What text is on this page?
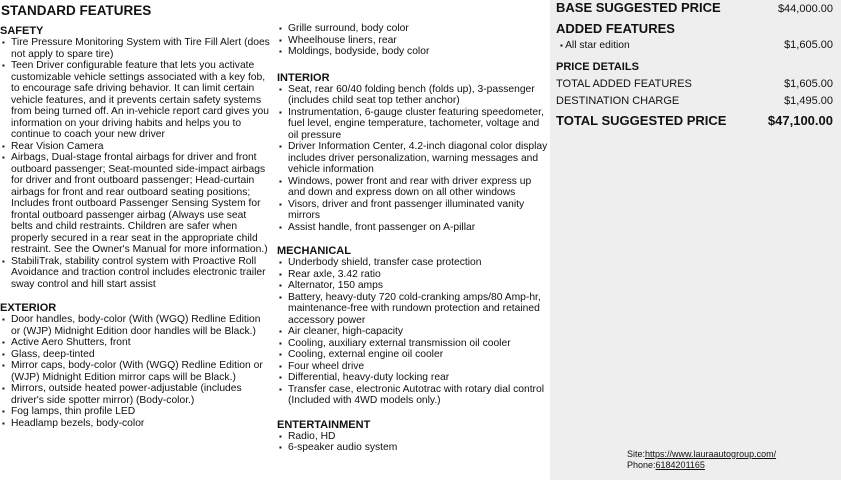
STANDARD FEATURES
SAFETY
▪ Tire Pressure Monitoring System with Tire Fill Alert (does not apply to spare tire)
▪ Teen Driver configurable feature that lets you activate customizable vehicle settings associated with a key fob, to encourage safe driving behavior. It can limit certain vehicle features, and it prevents certain safety systems from being turned off. An in-vehicle report card gives you information on your driving habits and helps you to continue to coach your new driver
▪ Rear Vision Camera
▪ Airbags, Dual-stage frontal airbags for driver and front outboard passenger; Seat-mounted side-impact airbags for driver and front outboard passenger; Head-curtain airbags for front and rear outboard seating positions; Includes front outboard Passenger Sensing System for frontal outboard passenger airbag (Always use seat belts and child restraints. Children are safer when properly secured in a rear seat in the appropriate child restraint. See the Owner's Manual for more information.)
▪ StabiliTrak, stability control system with Proactive Roll Avoidance and traction control includes electronic trailer sway control and hill start assist
EXTERIOR
▪ Door handles, body-color (With (WGQ) Redline Edition or (WJP) Midnight Edition door handles will be Black.)
▪ Active Aero Shutters, front
▪ Glass, deep-tinted
▪ Mirror caps, body-color (With (WGQ) Redline Edition or (WJP) Midnight Edition mirror caps will be Black.)
▪ Mirrors, outside heated power-adjustable (includes driver's side spotter mirror) (Body-color.)
▪ Fog lamps, thin profile LED
▪ Headlamp bezels, body-color
▪ Grille surround, body color
▪ Wheelhouse liners, rear
▪ Moldings, bodyside, body color
INTERIOR
▪ Seat, rear 60/40 folding bench (folds up), 3-passenger (includes child seat top tether anchor)
▪ Instrumentation, 6-gauge cluster featuring speedometer, fuel level, engine temperature, tachometer, voltage and oil pressure
▪ Driver Information Center, 4.2-inch diagonal color display includes driver personalization, warning messages and vehicle information
▪ Windows, power front and rear with driver express up and down and express down on all other windows
▪ Visors, driver and front passenger illuminated vanity mirrors
▪ Assist handle, front passenger on A-pillar
MECHANICAL
▪ Underbody shield, transfer case protection
▪ Rear axle, 3.42 ratio
▪ Alternator, 150 amps
▪ Battery, heavy-duty 720 cold-cranking amps/80 Amp-hr, maintenance-free with rundown protection and retained accessory power
▪ Air cleaner, high-capacity
▪ Cooling, auxiliary external transmission oil cooler
▪ Cooling, external engine oil cooler
▪ Four wheel drive
▪ Differential, heavy-duty locking rear
▪ Transfer case, electronic Autotrac with rotary dial control (Included with 4WD models only.)
ENTERTAINMENT
▪ Radio, HD
▪ 6-speaker audio system
BASE SUGGESTED PRICE	$44,000.00
ADDED FEATURES
▪ All star edition	$1,605.00
PRICE DETAILS
TOTAL ADDED FEATURES	$1,605.00
DESTINATION CHARGE	$1,495.00
TOTAL SUGGESTED PRICE	$47,100.00
Site:https://www.lauraautogroup.com/
Phone:6184201165
